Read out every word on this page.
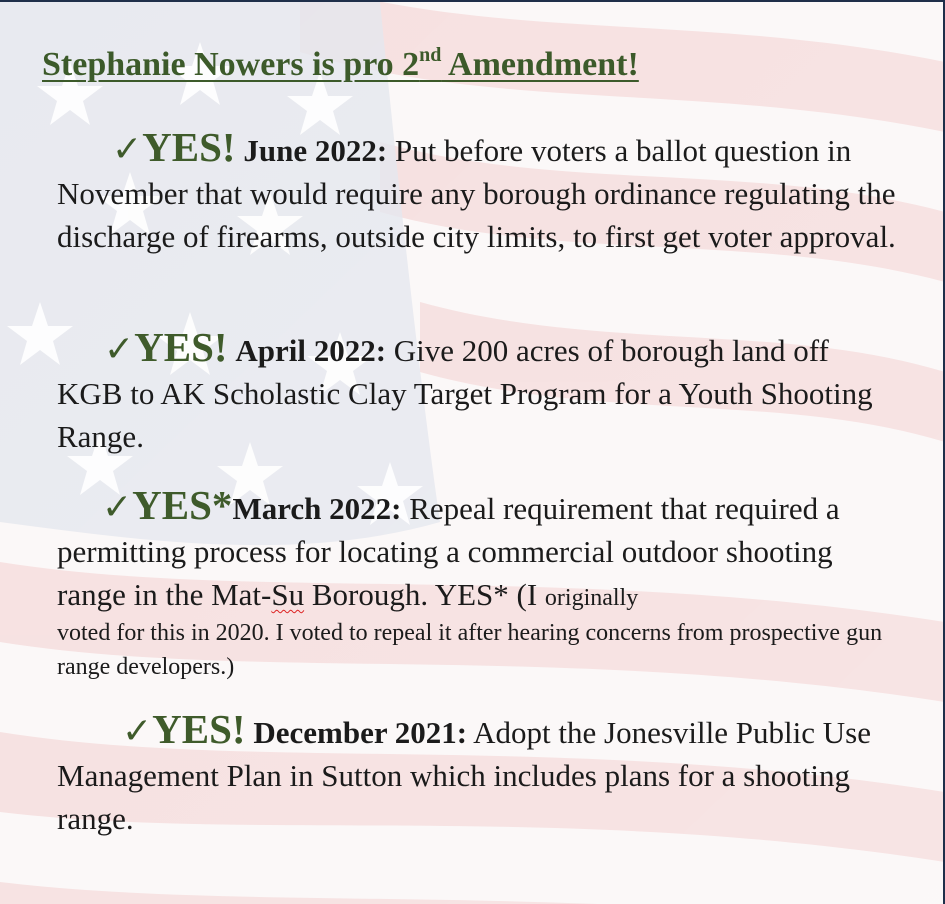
Stephanie Nowers is pro 2nd Amendment!

✓YES! June 2022: Put before voters a ballot question in November that would require any borough ordinance regulating the discharge of firearms, outside city limits, to first get voter approval.

✓YES! April 2022: Give 200 acres of borough land off KGB to AK Scholastic Clay Target Program for a Youth Shooting Range.

✓YES*March 2022: Repeal requirement that required a permitting process for locating a commercial outdoor shooting range in the Mat-Su Borough. YES* (I originally
voted for this in 2020. I voted to repeal it after hearing concerns from prospective gun range developers.)

✓YES! December 2021: Adopt the Jonesville Public Use Management Plan in Sutton which includes plans for a shooting range.
